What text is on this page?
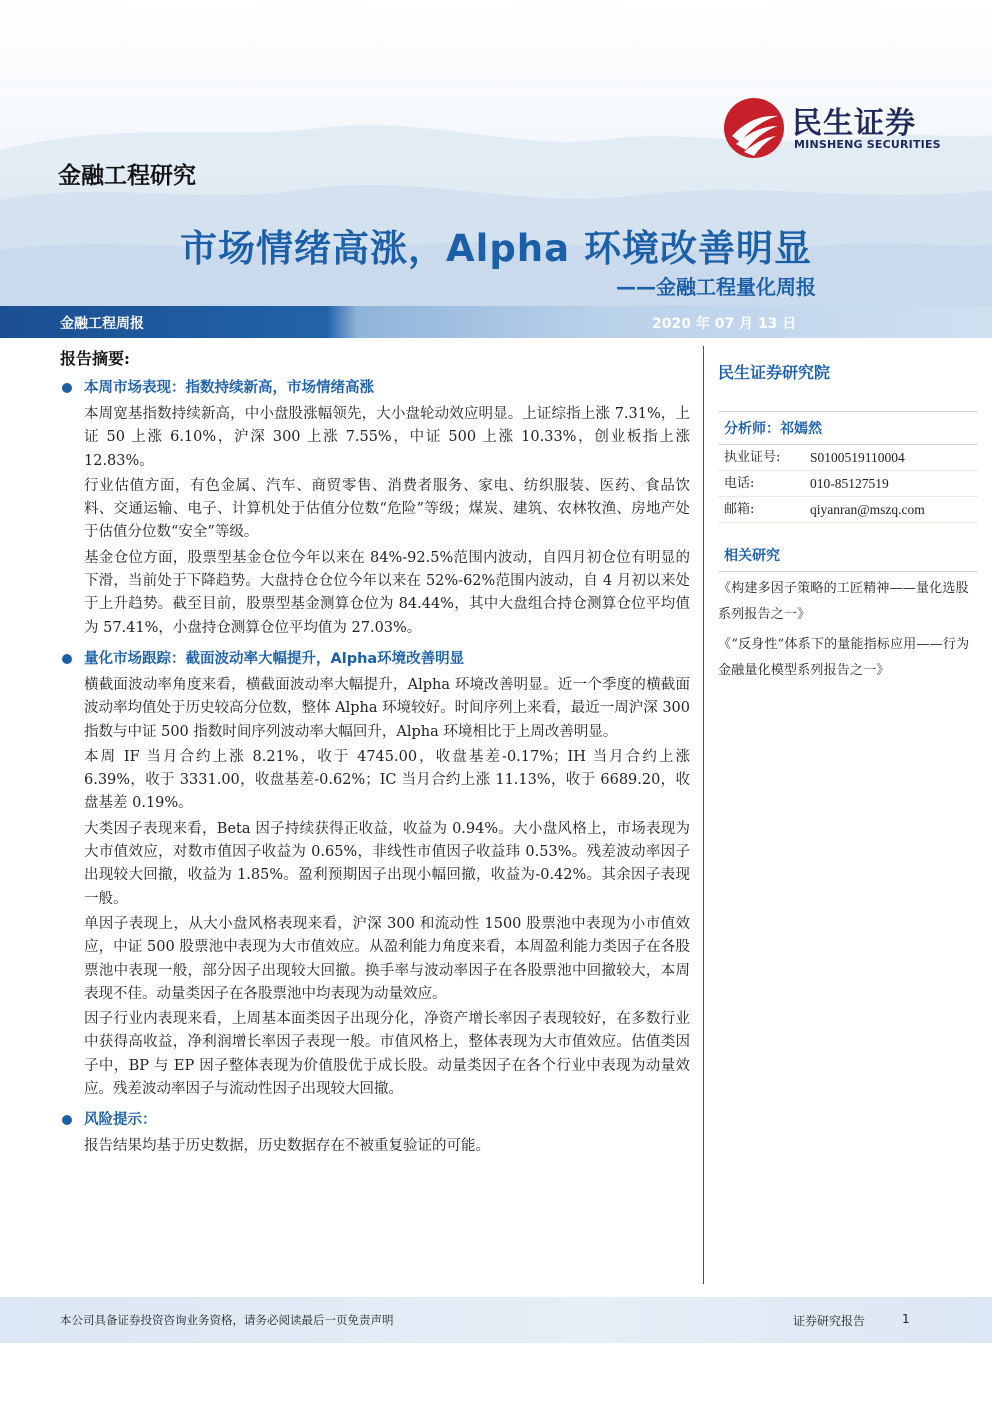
民生证券
MINSHENG SECURITIES
金融工程研究
市场情绪高涨，Alpha 环境改善明显
——金融工程量化周报
金融工程周报	2020 年 07 月 13 日
报告摘要:
本周市场表现：指数持续新高，市场情绪高涨

本周宽基指数持续新高，中小盘股涨幅领先，大小盘轮动效应明显。上证综指上涨 7.31%，上证 50 上涨 6.10%，沪深 300 上涨 7.55%，中证 500 上涨 10.33%，创业板指上涨 12.83%。

行业估值方面，有色金属、汽车、商贸零售、消费者服务、家电、纺织服装、医药、食品饮料、交通运输、电子、计算机处于估值分位数“危险”等级；煤炭、建筑、农林牧渔、房地产处于估值分位数“安全”等级。

基金仓位方面，股票型基金仓位今年以来在 84%-92.5%范围内波动，自四月初仓位有明显的下滑，当前处于下降趋势。大盘持仓仓位今年以来在 52%-62%范围内波动，自 4 月初以来处于上升趋势。截至目前，股票型基金测算仓位为 84.44%，其中大盘组合持仓测算仓位平均值为 57.41%，小盘持仓测算仓位平均值为 27.03%。

量化市场跟踪：截面波动率大幅提升，Alpha环境改善明显

横截面波动率角度来看，横截面波动率大幅提升，Alpha 环境改善明显。近一个季度的横截面波动率均值处于历史较高分位数，整体 Alpha 环境较好。时间序列上来看，最近一周沪深 300 指数与中证 500 指数时间序列波动率大幅回升，Alpha 环境相比于上周改善明显。

本周 IF 当月合约上涨 8.21%，收于 4745.00，收盘基差-0.17%；IH 当月合约上涨 6.39%，收于 3331.00，收盘基差-0.62%；IC 当月合约上涨 11.13%，收于 6689.20，收盘基差 0.19%。

大类因子表现来看，Beta 因子持续获得正收益，收益为 0.94%。大小盘风格上，市场表现为大市值效应，对数市值因子收益为 0.65%，非线性市值因子收益玮 0.53%。残差波动率因子出现较大回撤，收益为 1.85%。盈利预期因子出现小幅回撤，收益为-0.42%。其余因子表现一般。

单因子表现上，从大小盘风格表现来看，沪深 300 和流动性 1500 股票池中表现为小市值效应，中证 500 股票池中表现为大市值效应。从盈利能力角度来看，本周盈利能力类因子在各股票池中表现一般，部分因子出现较大回撤。换手率与波动率因子在各股票池中回撤较大，本周表现不佳。动量类因子在各股票池中均表现为动量效应。

因子行业内表现来看，上周基本面类因子出现分化，净资产增长率因子表现较好，在多数行业中获得高收益，净利润增长率因子表现一般。市值风格上，整体表现为大市值效应。估值类因子中，BP 与 EP 因子整体表现为价值股优于成长股。动量类因子在各个行业中表现为动量效应。残差波动率因子与流动性因子出现较大回撤。

风险提示：

报告结果均基于历史数据，历史数据存在不被重复验证的可能。

民生证券研究院
分析师：祁嫣然
执业证号:	S0100519110004
电话:	010-85127519
邮箱:	qiyanran@mszq.com
相关研究
《构建多因子策略的工匠精神——量化选股系列报告之一》
《“反身性”体系下的量能指标应用——行为金融量化模型系列报告之一》
本公司具备证券投资咨询业务资格，请务必阅读最后一页免责声明	证券研究报告	1
